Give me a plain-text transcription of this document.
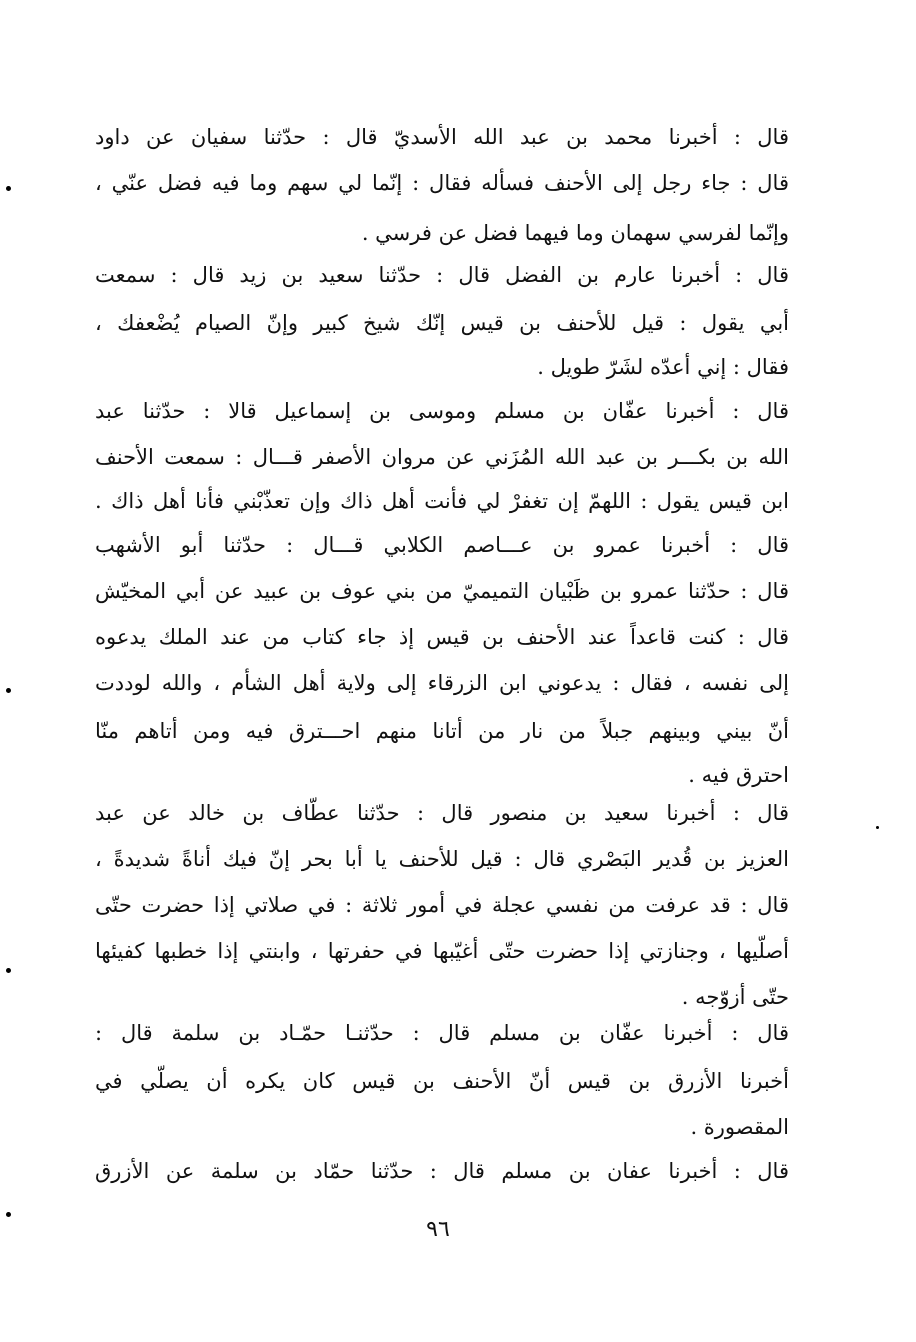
قال : أخبرنا محمد بن عبد الله الأسديّ قال : حدّثنا سفيان عن داود
قال : جاء رجل إلى الأحنف فسأله فقال : إنّما لي سهم وما فيه فضل عنّي ،
وإنّما لفرسي سهمان وما فيهما فضل عن فرسي .
قال : أخبرنا عارم بن الفضل قال : حدّثنا سعيد بن زيد قال : سمعت
أبي يقول : قيل للأحنف بن قيس إنّك شيخ كبير وإنّ الصيام يُضْعفك ،
فقال : إني أعدّه لشَرّ طويل .
قال : أخبرنا عفّان بن مسلم وموسى بن إسماعيل قالا : حدّثنا عبد
الله بن بكـــر بن عبد الله المُزَني عن مروان الأصفر قـــال : سمعت الأحنف
ابن قيس يقول : اللهمّ إن تغفرْ لي فأنت أهل ذاك وإن تعذّبْني فأنا أهل ذاك .
قال : أخبرنا عمرو بن عـــاصم الكلابي قـــال : حدّثنا أبو الأشهب
قال : حدّثنا عمرو بن ظَبْيان التميميّ من بني عوف بن عبيد عن أبي المخيّش
قال : كنت قاعداً عند الأحنف بن قيس إذ جاء كتاب من عند الملك يدعوه
إلى نفسه ، فقال : يدعوني ابن الزرقاء إلى ولاية أهل الشأم ، والله لوددت
أنّ بيني وبينهم جبلاً من نار من أتانا منهم احـــترق فيه ومن أتاهم منّا
احترق فيه .
قال : أخبرنا سعيد بن منصور قال : حدّثنا عطّاف بن خالد عن عبد
العزيز بن قُدير البَصْري قال : قيل للأحنف يا أبا بحر إنّ فيك أناةً شديدةً ،
قال : قد عرفت من نفسي عجلة في أمور ثلاثة : في صلاتي إذا حضرت حتّى
أصلّيها ، وجنازتي إذا حضرت حتّى أغيّبها في حفرتها ، وابنتي إذا خطبها كفيئها
حتّى أزوّجه .
قال : أخبرنا عفّان بن مسلم قال : حدّثنـا حمّـاد بن سلمة قال :
أخبرنا الأزرق بن قيس أنّ الأحنف بن قيس كان يكره أن يصلّي في
المقصورة .
قال : أخبرنا عفان بن مسلم قال : حدّثنا حمّاد بن سلمة عن الأزرق
٩٦
